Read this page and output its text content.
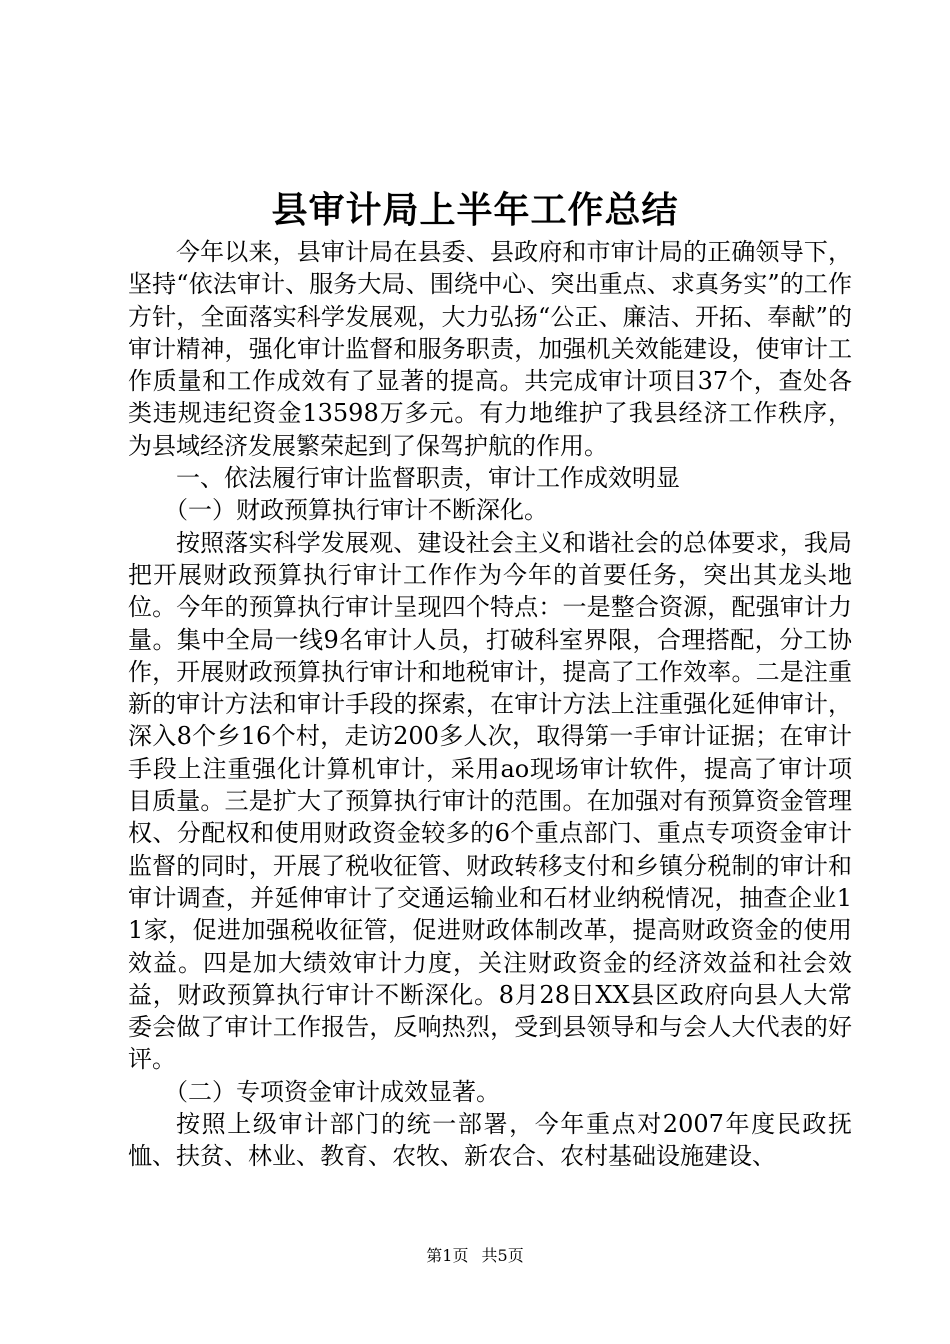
县审计局上半年工作总结

今年以来，县审计局在县委、县政府和市审计局的正确领导下，坚持“依法审计、服务大局、围绕中心、突出重点、求真务实”的工作方针，全面落实科学发展观，大力弘扬“公正、廉洁、开拓、奉献”的审计精神，强化审计监督和服务职责，加强机关效能建设，使审计工作质量和工作成效有了显著的提高。共完成审计项目37个，查处各类违规违纪资金13598万多元。有力地维护了我县经济工作秩序，为县域经济发展繁荣起到了保驾护航的作用。

一、依法履行审计监督职责，审计工作成效明显

（一）财政预算执行审计不断深化。

按照落实科学发展观、建设社会主义和谐社会的总体要求，我局把开展财政预算执行审计工作作为今年的首要任务，突出其龙头地位。今年的预算执行审计呈现四个特点：一是整合资源，配强审计力量。集中全局一线9名审计人员，打破科室界限，合理搭配，分工协作，开展财政预算执行审计和地税审计，提高了工作效率。二是注重新的审计方法和审计手段的探索，在审计方法上注重强化延伸审计，深入8个乡16个村，走访200多人次，取得第一手审计证据；在审计手段上注重强化计算机审计，采用ao现场审计软件，提高了审计项目质量。三是扩大了预算执行审计的范围。在加强对有预算资金管理权、分配权和使用财政资金较多的6个重点部门、重点专项资金审计监督的同时，开展了税收征管、财政转移支付和乡镇分税制的审计和审计调查，并延伸审计了交通运输业和石材业纳税情况，抽查企业11家，促进加强税收征管，促进财政体制改革，提高财政资金的使用效益。四是加大绩效审计力度，关注财政资金的经济效益和社会效益，财政预算执行审计不断深化。8月28日XX县区政府向县人大常委会做了审计工作报告，反响热烈，受到县领导和与会人大代表的好评。

（二）专项资金审计成效显著。

按照上级审计部门的统一部署，今年重点对2007年度民政抚恤、扶贫、林业、教育、农牧、新农合、农村基础设施建设、

第1页 共5页
